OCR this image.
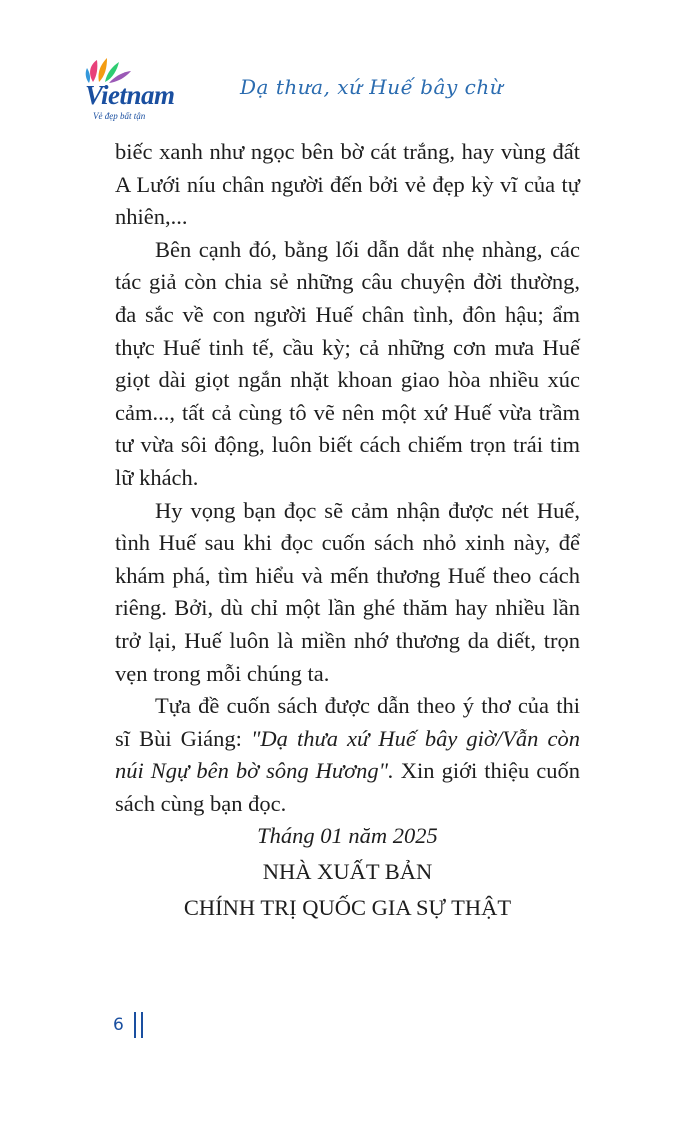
Vietnam
Vẻ đẹp bất tận
Dạ thưa, xứ Huế bây chừ

biếc xanh như ngọc bên bờ cát trắng, hay vùng đất A Lưới níu chân người đến bởi vẻ đẹp kỳ vĩ của tự nhiên,...

Bên cạnh đó, bằng lối dẫn dắt nhẹ nhàng, các tác giả còn chia sẻ những câu chuyện đời thường, đa sắc về con người Huế chân tình, đôn hậu; ẩm thực Huế tinh tế, cầu kỳ; cả những cơn mưa Huế giọt dài giọt ngắn nhặt khoan giao hòa nhiều xúc cảm..., tất cả cùng tô vẽ nên một xứ Huế vừa trầm tư vừa sôi động, luôn biết cách chiếm trọn trái tim lữ khách.

Hy vọng bạn đọc sẽ cảm nhận được nét Huế, tình Huế sau khi đọc cuốn sách nhỏ xinh này, để khám phá, tìm hiểu và mến thương Huế theo cách riêng. Bởi, dù chỉ một lần ghé thăm hay nhiều lần trở lại, Huế luôn là miền nhớ thương da diết, trọn vẹn trong mỗi chúng ta.

Tựa đề cuốn sách được dẫn theo ý thơ của thi sĩ Bùi Giáng: "Dạ thưa xứ Huế bây giờ/Vẫn còn núi Ngự bên bờ sông Hương". Xin giới thiệu cuốn sách cùng bạn đọc.

Tháng 01 năm 2025
NHÀ XUẤT BẢN
CHÍNH TRỊ QUỐC GIA SỰ THẬT
6
